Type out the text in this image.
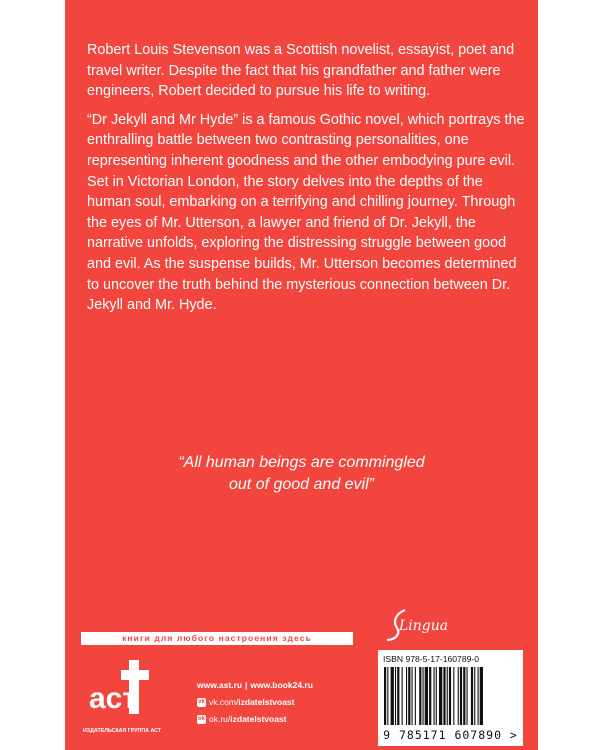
Robert Louis Stevenson was a Scottish novelist, essayist, poet and travel writer. Despite the fact that his grandfather and father were engineers, Robert decided to pursue his life to writing.

“Dr Jekyll and Mr Hyde” is a famous Gothic novel, which portrays the enthralling battle between two contrasting personalities, one representing inherent goodness and the other embodying pure evil. Set in Victorian London, the story delves into the depths of the human soul, embarking on a terrifying and chilling journey. Through the eyes of Mr. Utterson, a lawyer and friend of Dr. Jekyll, the narrative unfolds, exploring the distressing struggle between good and evil. As the suspense builds, Mr. Utterson becomes determined to uncover the truth behind the mysterious connection between Dr. Jekyll and Mr. Hyde.

“All human beings are commingled
out of good and evil”
книги для любого настроения здесь
аст
ИЗДАТЕЛЬСКАЯ ГРУППА АСТ
www.ast.ru | www.book24.ru
vk vk.com/ izdatelstvoast
ok ok.ru/ izdatelstvoast
Lingua
ISBN 978-5-17-160789-0
9 785171 607890 >
